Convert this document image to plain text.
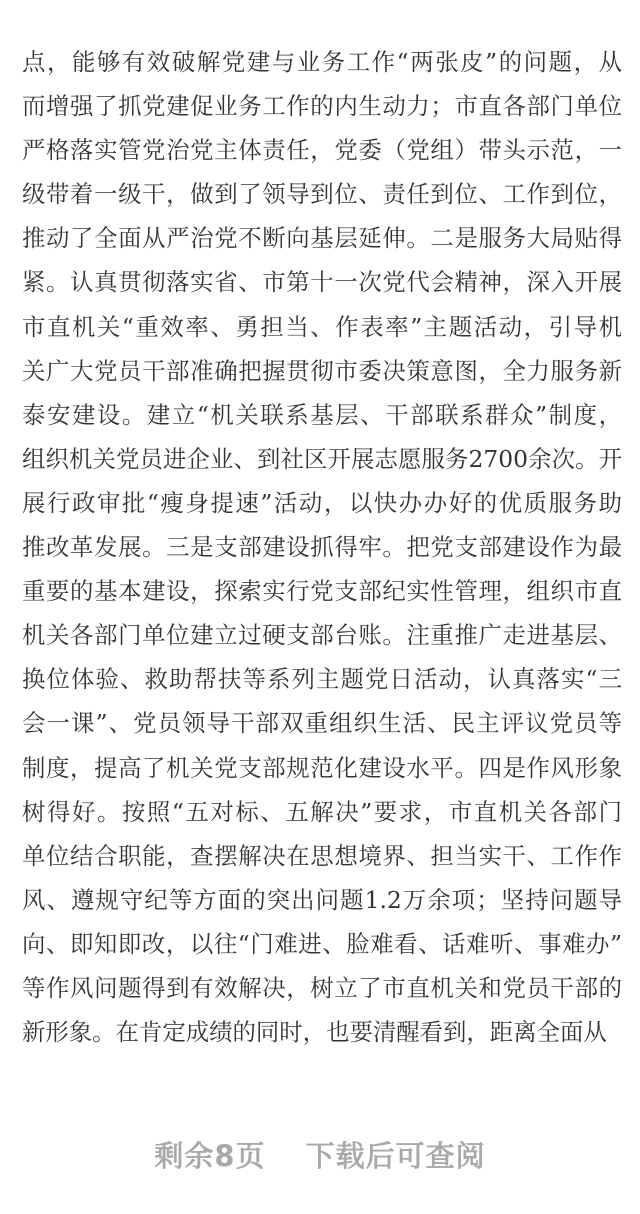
点，能够有效破解党建与业务工作“两张皮”的问题，从
而增强了抓党建促业务工作的内生动力；市直各部门单位
严格落实管党治党主体责任，党委（党组）带头示范，一
级带着一级干，做到了领导到位、责任到位、工作到位，
推动了全面从严治党不断向基层延伸。二是服务大局贴得
紧。认真贯彻落实省、市第十一次党代会精神，深入开展
市直机关“重效率、勇担当、作表率”主题活动，引导机
关广大党员干部准确把握贯彻市委决策意图，全力服务新
泰安建设。建立“机关联系基层、干部联系群众”制度，
组织机关党员进企业、到社区开展志愿服务2700余次。开
展行政审批“瘦身提速”活动，以快办办好的优质服务助
推改革发展。三是支部建设抓得牢。把党支部建设作为最
重要的基本建设，探索实行党支部纪实性管理，组织市直
机关各部门单位建立过硬支部台账。注重推广走进基层、
换位体验、救助帮扶等系列主题党日活动，认真落实“三
会一课”、党员领导干部双重组织生活、民主评议党员等
制度，提高了机关党支部规范化建设水平。四是作风形象
树得好。按照“五对标、五解决”要求，市直机关各部门
单位结合职能，查摆解决在思想境界、担当实干、工作作
风、遵规守纪等方面的突出问题1.2万余项；坚持问题导
向、即知即改，以往“门难进、脸难看、话难听、事难办”
等作风问题得到有效解决，树立了市直机关和党员干部的
新形象。在肯定成绩的同时，也要清醒看到，距离全面从
剩余8页 下载后可查阅
